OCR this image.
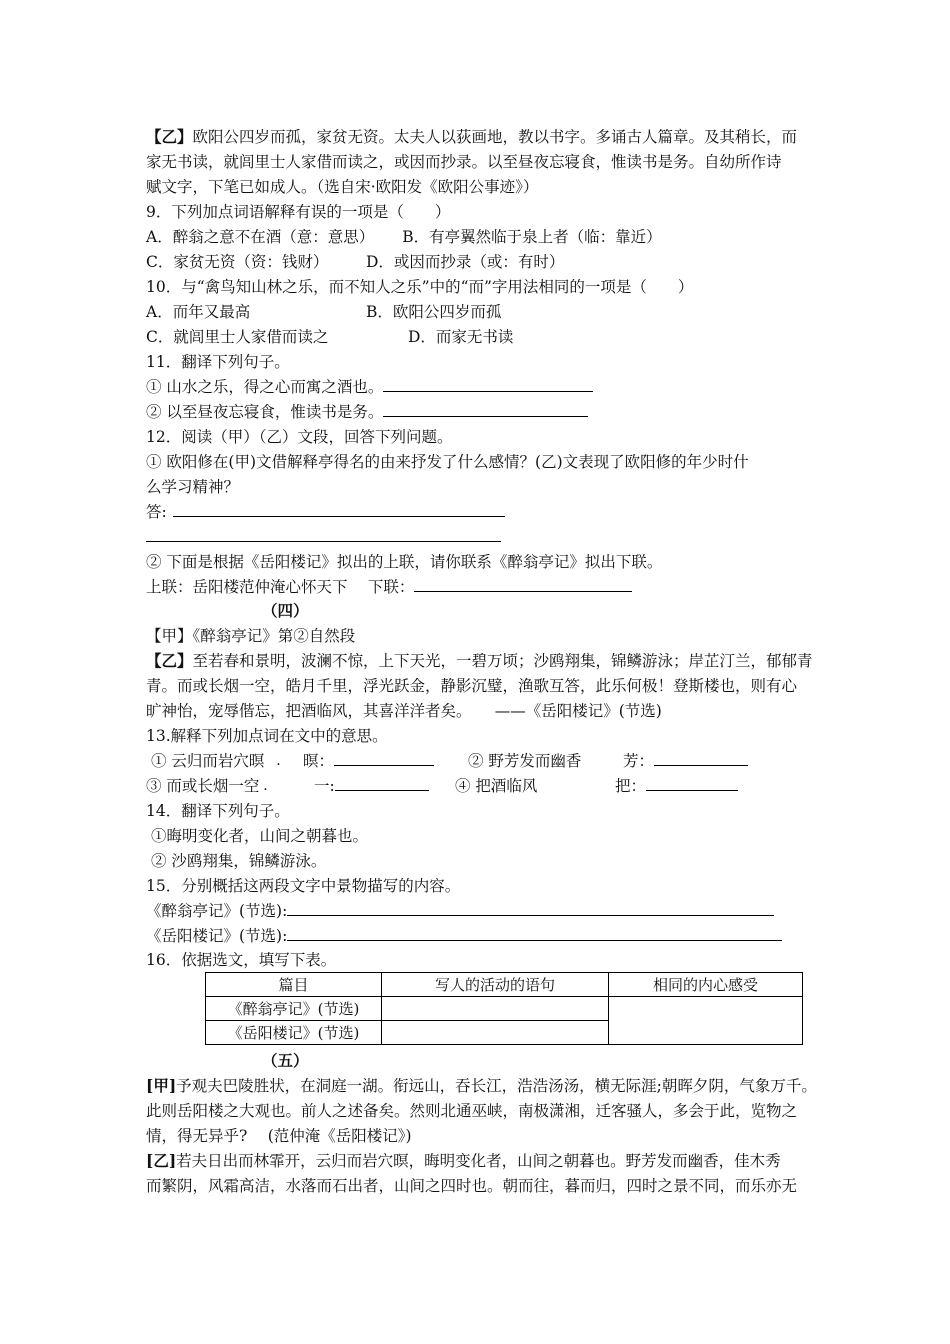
【乙】欧阳公四岁而孤，家贫无资。太夫人以荻画地，教以书字。多诵古人篇章。及其稍长，而
家无书读，就闾里士人家借而读之，或因而抄录。以至昼夜忘寝食，惟读书是务。自幼所作诗
赋文字，下笔已如成人。（选自宋·欧阳发《欧阳公事迹》）
9．下列加点词语解释有误的一项是（　　）
A．醉翁之意不在酒（意：意思） B．有亭翼然临于泉上者（临：靠近）
C．家贫无资（资：钱财） D．或因而抄录（或：有时）
10．与“禽鸟知山林之乐，而不知人之乐”中的“而”字用法相同的一项是（　　）
A．而年又最高	B．欧阳公四岁而孤
C．就闾里士人家借而读之	D．而家无书读
11．翻译下列句子。
① 山水之乐，得之心而寓之酒也。
② 以至昼夜忘寝食，惟读书是务。
12．阅读（甲）（乙）文段，回答下列问题。
① 欧阳修在(甲)文借解释亭得名的由来抒发了什么感情？(乙)文表现了欧阳修的年少时什
么学习精神？
答:
② 下面是根据《岳阳楼记》拟出的上联，请你联系《醉翁亭记》拟出下联。
上联：岳阳楼范仲淹心怀天下　 下联：
（四）
【甲】《醉翁亭记》第②自然段
【乙】至若春和景明，波澜不惊，上下天光，一碧万顷；沙鸥翔集，锦鳞游泳；岸芷汀兰，郁郁青
青。而或长烟一空，皓月千里，浮光跃金，静影沉璧，渔歌互答，此乐何极！登斯楼也，则有心
旷神怡，宠辱偕忘，把酒临风，其喜洋洋者矣。　　——《岳阳楼记》(节选)
13.解释下列加点词在文中的意思。
① 云归而岩穴暝 暝：	② 野芳发而幽香	芳：
·
③ 而或长烟一空	一: ·	④ 把酒临风	把：
·
14．翻译下列句子。
①晦明变化者，山间之朝暮也。
② 沙鸥翔集，锦鳞游泳。
15．分别概括这两段文字中景物描写的内容。
·
·
·
·
《醉翁亭记》(节选):
《岳阳楼记》(节选):
16．依据选文，填写下表。
篇目	写人的活动的语句	相同的内心感受
《醉翁亭记》(节选)		
《岳阳楼记》(节选)		
（五）
[甲]予观夫巴陵胜状，在洞庭一湖。衔远山，吞长江，浩浩汤汤，横无际涯;朝晖夕阴，气象万千。
此则岳阳楼之大观也。前人之述备矣。然则北通巫峡，南极潇湘，迁客骚人，多会于此，览物之
情，得无异乎?　 (范仲淹《岳阳楼记》)
[乙]若夫日出而林霏开，云归而岩穴暝，晦明变化者，山间之朝暮也。野芳发而幽香，佳木秀
而繁阴，风霜高洁，水落而石出者，山间之四时也。朝而往，暮而归，四时之景不同，而乐亦无
